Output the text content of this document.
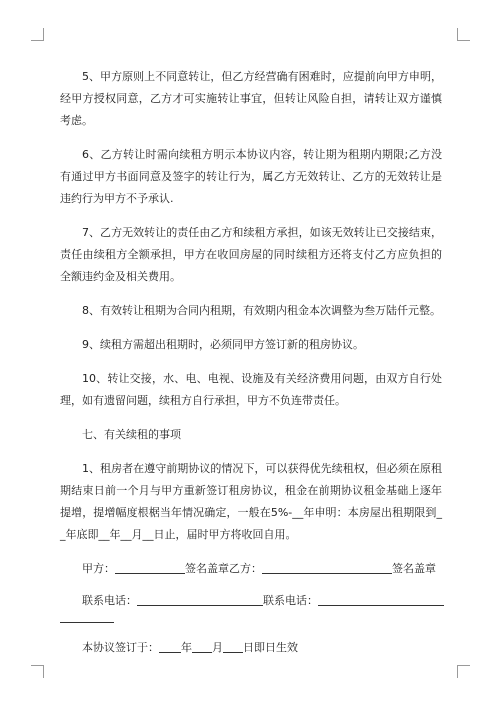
5、甲方原则上不同意转让，但乙方经营确有困难时，应提前向甲方申明，经甲方授权同意，乙方才可实施转让事宜，但转让风险自担，请转让双方谨慎考虑。

6、乙方转让时需向续租方明示本协议内容，转让期为租期内期限;乙方没有通过甲方书面同意及签字的转让行为，属乙方无效转让、乙方的无效转让是违约行为甲方不予承认.

7、乙方无效转让的责任由乙方和续租方承担，如该无效转让已交接结束，责任由续租方全额承担，甲方在收回房屋的同时续租方还将支付乙方应负担的全额违约金及相关费用。

8、有效转让租期为合同内租期，有效期内租金本次调整为叁万陆仟元整。

9、续租方需超出租期时，必须同甲方签订新的租房协议。

10、转让交接，水、电、电视、设施及有关经济费用问题，由双方自行处理，如有遗留问题，续租方自行承担，甲方不负连带责任。

七、有关续租的事项

1、租房者在遵守前期协议的情况下，可以获得优先续租权，但必须在原租期结束日前一个月与甲方重新签订租房协议，租金在前期协议租金基础上逐年提增，提增幅度根椐当年情况确定，一般在5%-__年申明：本房屋出租期限到__年底即__年__月__日止，届时甲方将收回自用。

甲方：	签名盖章乙方：	签名盖章
联系电话：	联系电话：
本协议签订于： 年 月 日即日生效
